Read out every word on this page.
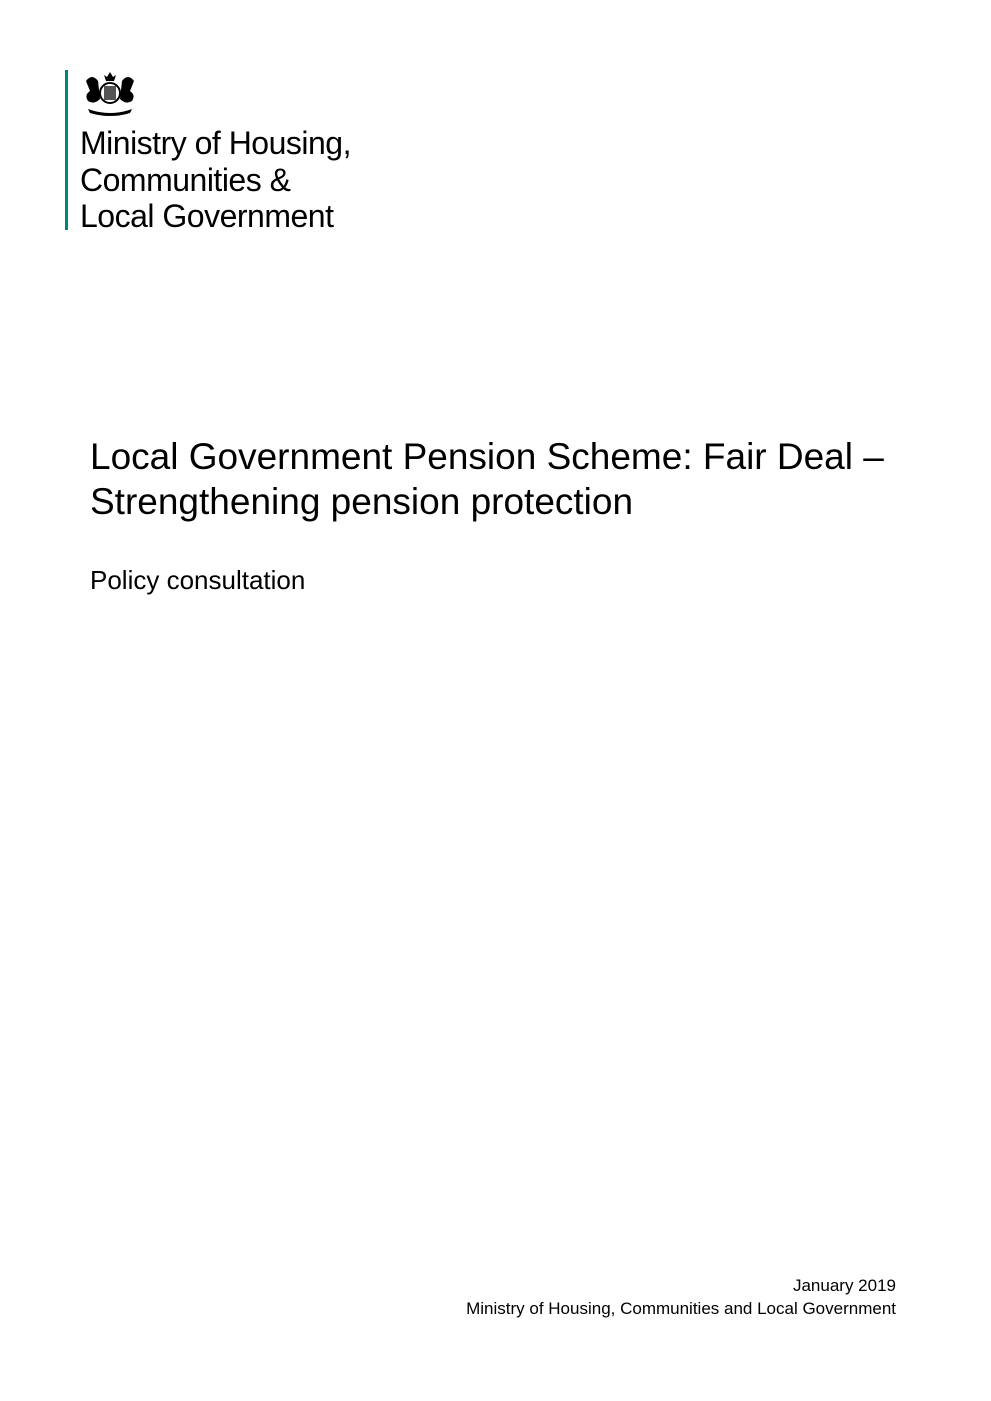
Ministry of Housing,
Communities &
Local Government
Local Government Pension Scheme: Fair Deal – Strengthening pension protection
Policy consultation
January 2019
Ministry of Housing, Communities and Local Government
